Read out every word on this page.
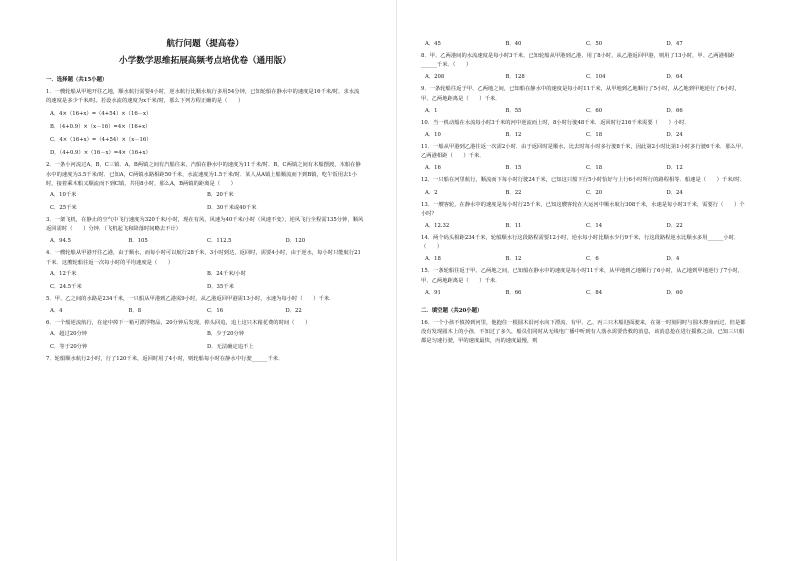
航行问题（提高卷）
小学数学思维拓展高频考点培优卷（通用版）
一．选择题（共15小题）
1．一艘轮船从甲地开往乙地，顺水航行需要4小时，逆水航行比顺水航行多用54分钟，已知轮船在静水中的速度是16千米/时，求水流的速度是多少千米/时。若设水流的速度为x千米/时，那么下列方程正确的是（　　）
A．4×（16+x）=（4+54）×（16－x）
B．（4+0.9）×（x－16）=4×（16+x）
C．4×（16+x）=（4+54）×（x－16）
D．（4+0.9）×（16－x）=4×（16+x）
2．一条小河流过A，B，C三镇．A，B两镇之间有汽船往来，汽船在静水中的速度为11千米/时．B，C两镇之间有木船摆渡，木船在静水中的速度为3.5千米/时．已知A，C两镇水路相距50千米，水流速度为1.5千米/时．某人从A镇上船顺流而下到B镇，吃午饭用去1小时，接着乘木船又顺流而下到C镇，共用8小时，那么A，B两镇的距离是（　　）
A．10千米	B．20千米
C．25千米	D．30千米或40千米
3．一架飞机，在静止的空气中飞行速度为320千米/小时，现在有风，风速为40千米/小时（风速不变），逆风飞行全程需135分钟，顺风返回需时（　　）分钟．（飞机起飞和降落时间略去不计）
A．94.5	B．105	C．112.5	D．120
4．一艘轮船从甲港开往乙港，由于顺水，而每小时可以航行28千米，3小时到达，返回时，需要4小时，由于逆水，每小时只能航行21千米．这艘轮船往返一次每小时的平均速度是（　　）
A．12千米	B．24千米/小时
C．24.5千米	D．35千米
5．甲、乙之间的水路是234千米，一只船从甲港到乙港需9小时，从乙港返回甲港需13小时，水速为每小时（　　）千米．
A．4	B．8	C．16	D．22
6．一个船逆流航行，在途中掉下一箱可漂浮物品，20分钟后发现，掉头回追，追上这只木箱花费的时间（　　）
A．超过20分钟	B．少于20分钟
C．等于20分钟	D．无法确定追不上
7．轮船顺水航行2小时，行了120千米，返回时用了4小时，则轮船每小时在静水中行驶______千米．
A．45	B．40	C．50	D．47
8．甲、乙两港间的水流速度是每小时3千米，已知轮船从甲港到乙港，用了8小时，从乙港返回甲港，则用了13小时，甲、乙两港相距______千米．（　　）
A．208	B．128	C．104	D．64
9．一条轮船往返于甲、乙两地之间，已知船在静水中的速度是每小时11千米，从甲地到乙地顺行了5小时，从乙地到甲地逆行了6小时，甲、乙两地距离是（　　）千米．
A．1	B．55	C．60	D．66
10．当一机动船在水流每小时3千米的河中逆流而上时，8小时行驶48千米．返回时行216千米需要（　　）小时．
A．10	B．12	C．18	D．24
11．一船从甲港到乙港往返一次需2小时．由于返回时是顺水，比去时每小时多行驶8千米，因此第2小时比第1小时多行驶6千米．那么甲、乙两港相距（　　）千米．
A．16	B．15	C．18	D．12
12．一只船在河里航行，顺流而下每小时行驶24千米，已知这只船下行5小时恰好与上行6小时所行的路程相等．船速是（　　）千米/时．
A．2	B．22	C．20	D．24
13．一艘客轮，在静水中的速度是每小时行25千米，已知这艘客轮在大运河中顺水航行308千米，水速是每小时3千米，需要行（　　）个小时？
A．12.32	B．11	C．14	D．22
14．两个码头相距234千米，轮船顺水行这段路程需要12小时，逆水每小时比顺水少行9千米，行这段路程逆水比顺水多用______小时．（　　）
A．18	B．12	C．6	D．4
15．一条轮船往返于甲、乙两地之间，已知船在静水中的速度是每小时11千米，从甲地到乙地顺行了6小时，从乙地到甲地逆行了7小时，甲、乙两地距离是（　　）千米．
A．91	B．66	C．84	D．60
二．填空题（共20小题）
16．一个小孩不慎掉到河里，他抱住一根圆木沿河水向下漂流．有甲、乙、丙三只木船迎面驶来，在第一时刻同时与圆木擦身而过，但是都没有发现圆木上的小孩．不知过了多久，船员们同时从无线电广播中听到有人落水需要营救的消息，该消息抢在进行援救之前，已知三只船都是匀速行驶，甲的速度最快，丙的速度最慢，则
